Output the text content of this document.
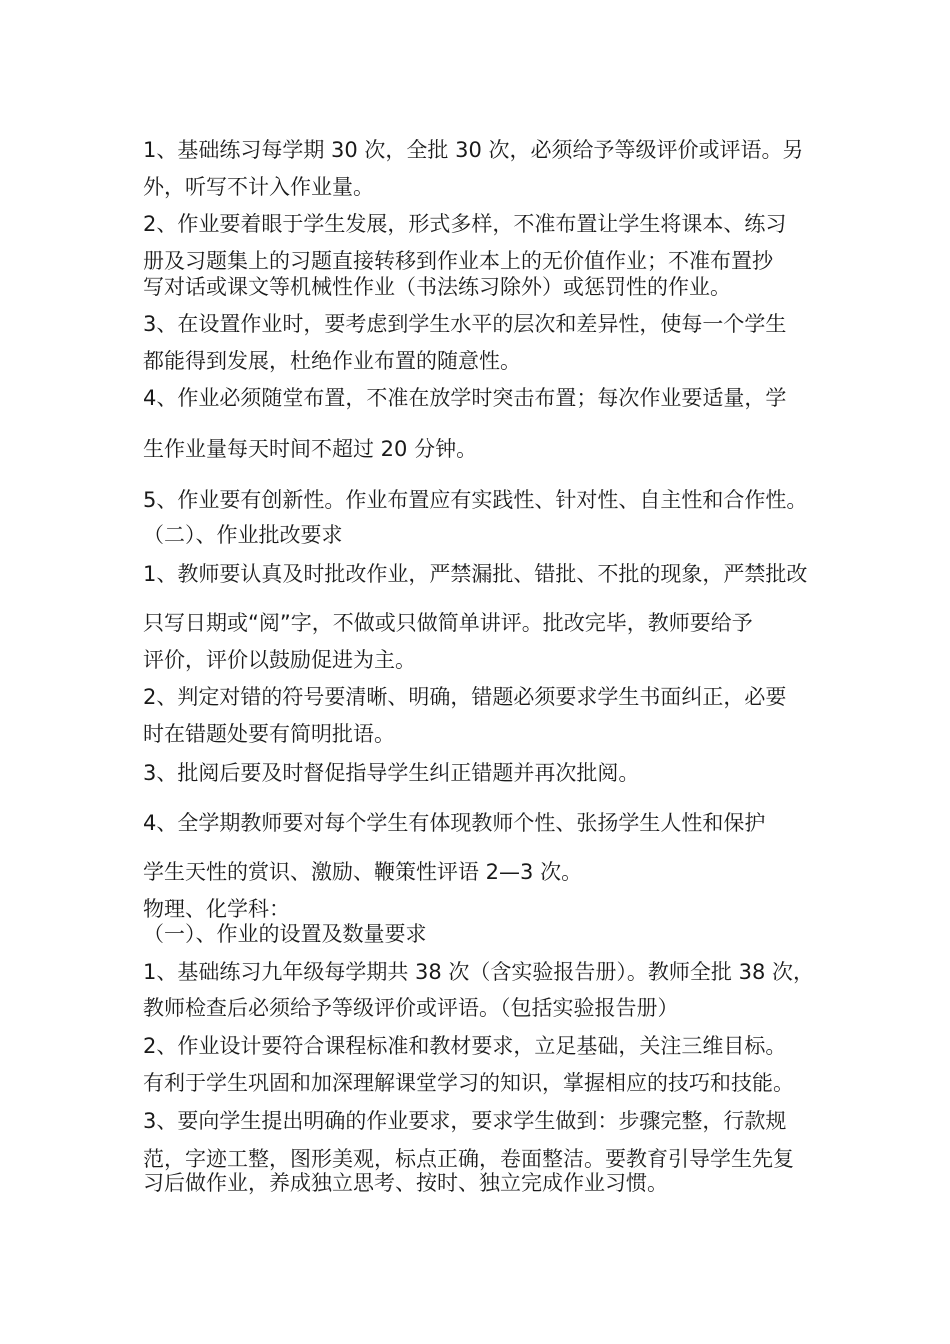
1、基础练习每学期 30 次，全批 30 次，必须给予等级评价或评语。另
外，听写不计入作业量。
2、作业要着眼于学生发展，形式多样，不准布置让学生将课本、练习
册及习题集上的习题直接转移到作业本上的无价值作业；不准布置抄
写对话或课文等机械性作业（书法练习除外）或惩罚性的作业。
3、在设置作业时，要考虑到学生水平的层次和差异性，使每一个学生
都能得到发展，杜绝作业布置的随意性。
4、作业必须随堂布置，不准在放学时突击布置；每次作业要适量，学
生作业量每天时间不超过 20 分钟。
5、作业要有创新性。作业布置应有实践性、针对性、自主性和合作性。
（二）、作业批改要求
1、教师要认真及时批改作业，严禁漏批、错批、不批的现象，严禁批改
只写日期或“阅”字，不做或只做简单讲评。批改完毕，教师要给予
评价，评价以鼓励促进为主。
2、判定对错的符号要清晰、明确，错题必须要求学生书面纠正，必要
时在错题处要有简明批语。
3、批阅后要及时督促指导学生纠正错题并再次批阅。
4、全学期教师要对每个学生有体现教师个性、张扬学生人性和保护
学生天性的赏识、激励、鞭策性评语 2—3 次。
物理、化学科：
（一）、作业的设置及数量要求
1、基础练习九年级每学期共 38 次（含实验报告册）。教师全批 38 次，
教师检查后必须给予等级评价或评语。（包括实验报告册）
2、作业设计要符合课程标准和教材要求，立足基础，关注三维目标。
有利于学生巩固和加深理解课堂学习的知识，掌握相应的技巧和技能。
3、要向学生提出明确的作业要求，要求学生做到：步骤完整，行款规
范，字迹工整，图形美观，标点正确，卷面整洁。要教育引导学生先复
习后做作业，养成独立思考、按时、独立完成作业习惯。
